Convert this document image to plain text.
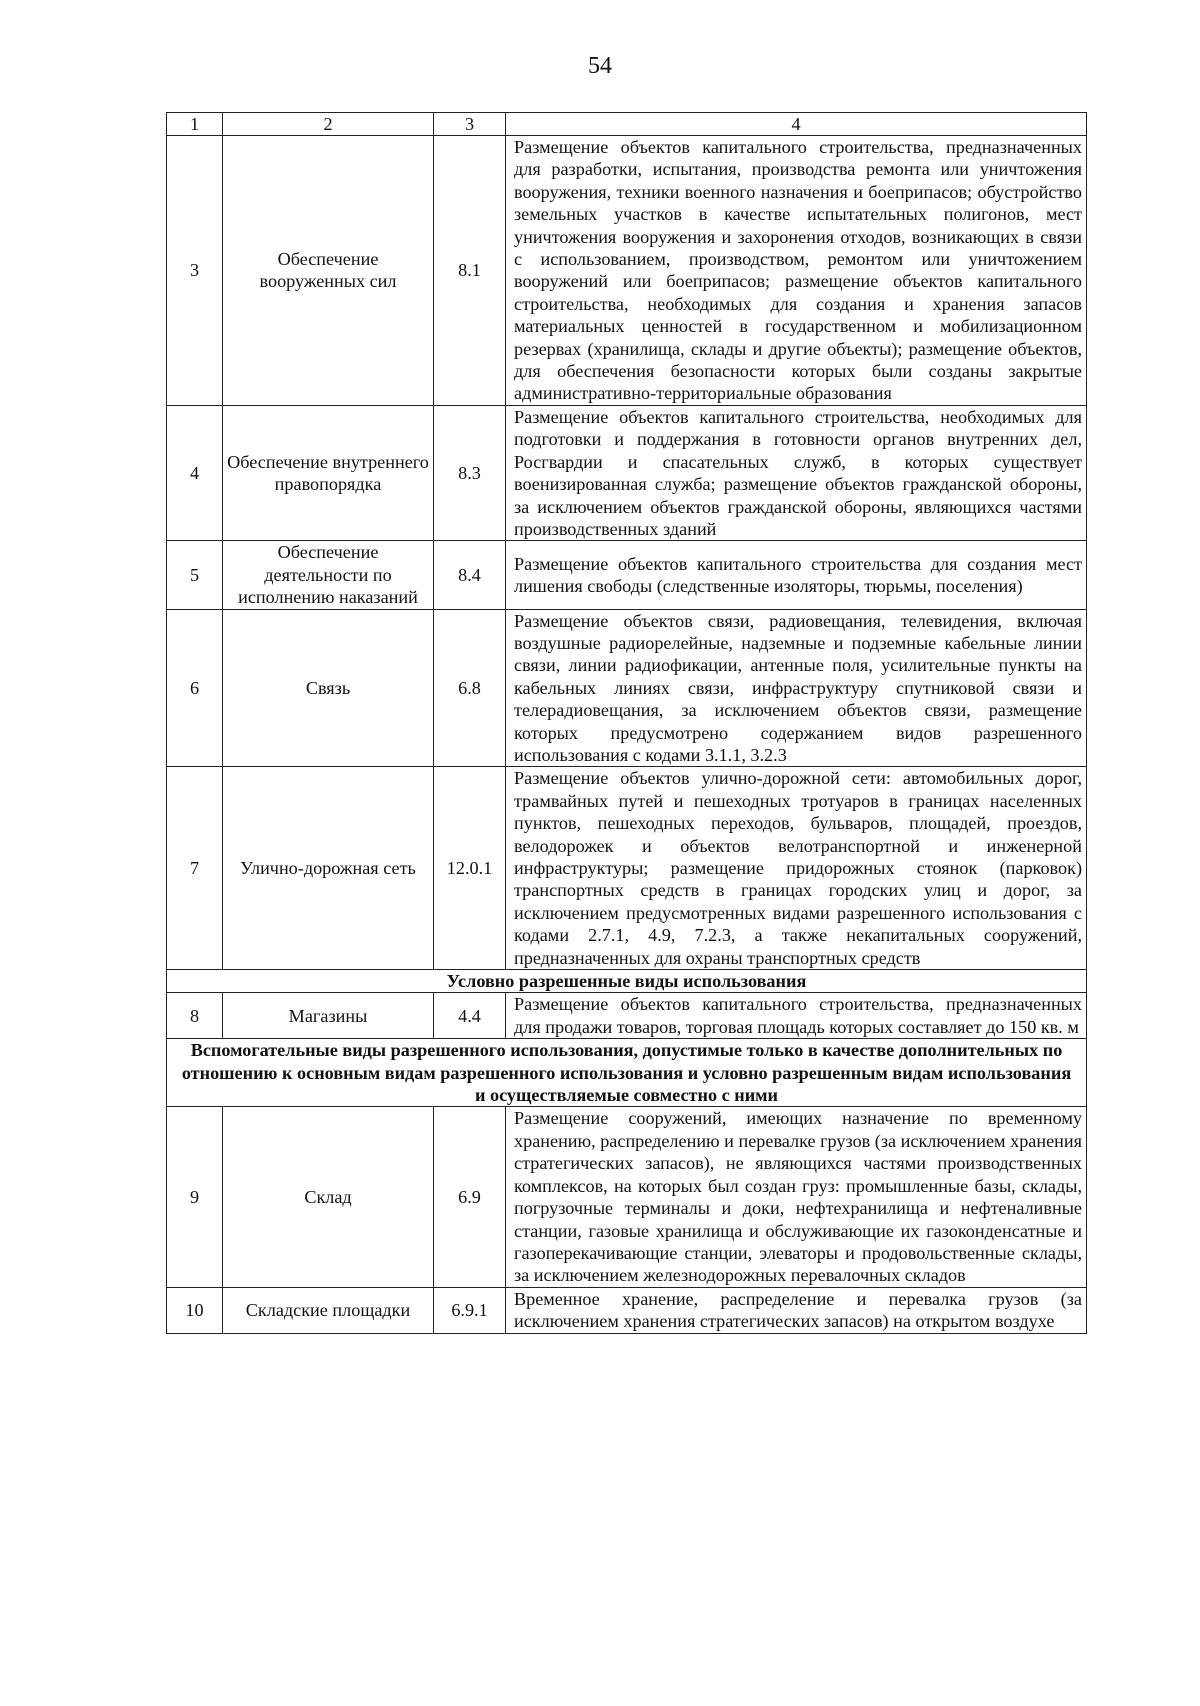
54
1	2	3	4
3	Обеспечение вооруженных сил	8.1	Размещение объектов капитального строительства, предназначенных для разработки, испытания, производства ремонта или уничтожения вооружения, техники военного назначения и боеприпасов; обустройство земельных участков в качестве испытательных полигонов, мест уничтожения вооружения и захоронения отходов, возникающих в связи с использованием, производством, ремонтом или уничтожением вооружений или боеприпасов; размещение объектов капитального строительства, необходимых для создания и хранения запасов материальных ценностей в государственном и мобилизационном резервах (хранилища, склады и другие объекты); размещение объектов, для обеспечения безопасности которых были созданы закрытые административно-территориальные образования
4	Обеспечение внутреннего правопорядка	8.3	Размещение объектов капитального строительства, необходимых для подготовки и поддержания в готовности органов внутренних дел, Росгвардии и спасательных служб, в которых существует военизированная служба; размещение объектов гражданской обороны, за исключением объектов гражданской обороны, являющихся частями производственных зданий
5	Обеспечение деятельности по исполнению наказаний	8.4	Размещение объектов капитального строительства для создания мест лишения свободы (следственные изоляторы, тюрьмы, поселения)
6	Связь	6.8	Размещение объектов связи, радиовещания, телевидения, включая воздушные радиорелейные, надземные и подземные кабельные линии связи, линии радиофикации, антенные поля, усилительные пункты на кабельных линиях связи, инфраструктуру спутниковой связи и телерадиовещания, за исключением объектов связи, размещение которых предусмотрено содержанием видов разрешенного использования с кодами 3.1.1, 3.2.3
7	Улично-дорожная сеть	12.0.1	Размещение объектов улично-дорожной сети: автомобильных дорог, трамвайных путей и пешеходных тротуаров в границах населенных пунктов, пешеходных переходов, бульваров, площадей, проездов, велодорожек и объектов велотранспортной и инженерной инфраструктуры; размещение придорожных стоянок (парковок) транспортных средств в границах городских улиц и дорог, за исключением предусмотренных видами разрешенного использования с кодами 2.7.1, 4.9, 7.2.3, а также некапитальных сооружений, предназначенных для охраны транспортных средств
Условно разрешенные виды использования			
8	Магазины	4.4	Размещение объектов капитального строительства, предназначенных для продажи товаров, торговая площадь которых составляет до 150 кв. м
Вспомогательные виды разрешенного использования, допустимые только в качестве дополнительных по отношению к основным видам разрешенного использования и условно разрешенным видам использования и осуществляемые совместно с ними			
9	Склад	6.9	Размещение сооружений, имеющих назначение по временному хранению, распределению и перевалке грузов (за исключением хранения стратегических запасов), не являющихся частями производственных комплексов, на которых был создан груз: промышленные базы, склады, погрузочные терминалы и доки, нефтехранилища и нефтеналивные станции, газовые хранилища и обслуживающие их газоконденсатные и газоперекачивающие станции, элеваторы и продовольственные склады, за исключением железнодорожных перевалочных складов
10	Складские площадки	6.9.1	Временное хранение, распределение и перевалка грузов (за исключением хранения стратегических запасов) на открытом воздухе
